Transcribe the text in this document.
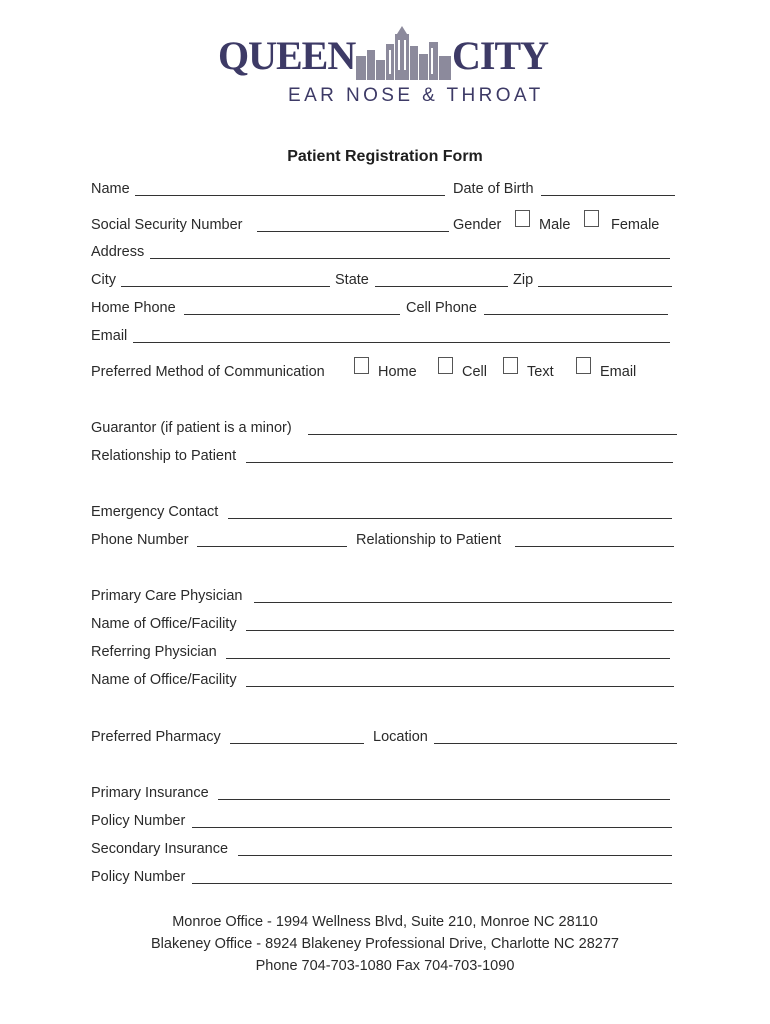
QUEEN CITY
EAR NOSE & THROAT
Patient Registration Form
Name	Date of Birth
Social Security Number	Gender	Male	Female
Address
City	State	Zip
Home Phone	Cell Phone
Email
Preferred Method of Communication	Home	Cell	Text	Email
Guarantor (if patient is a minor)
Relationship to Patient
Emergency Contact
Phone Number	Relationship to Patient
Primary Care Physician
Name of Office/Facility
Referring Physician
Name of Office/Facility
Preferred Pharmacy	Location
Primary Insurance
Policy Number
Secondary Insurance
Policy Number
Monroe Office - 1994 Wellness Blvd, Suite 210, Monroe NC 28110
Blakeney Office - 8924 Blakeney Professional Drive, Charlotte NC 28277
Phone 704-703-1080 Fax 704-703-1090
